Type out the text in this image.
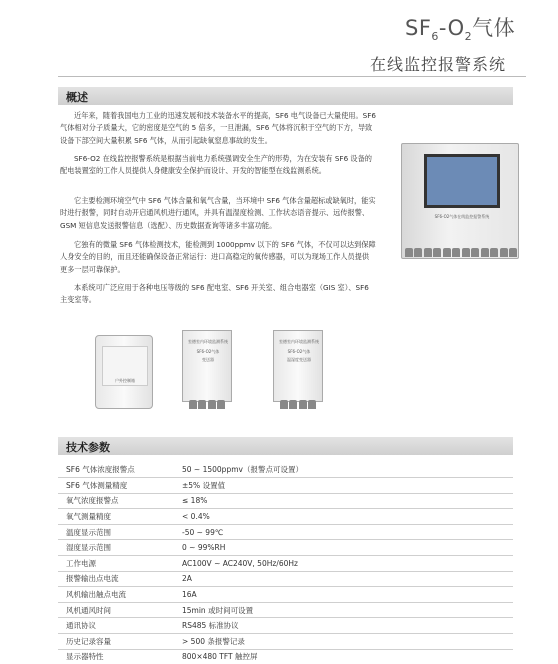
$SF_6-O_2$气体
在线监控报警系统
概述
近年来，随着我国电力工业的迅速发展和技术装备水平的提高，SF6 电气设备已大量使用。SF6 气体相对分子质量大，它的密度是空气的 5 倍多，一旦泄漏，SF6 气体将沉积于空气的下方，导致设备下部空间大量积累 SF6 气体，从而引起缺氧窒息事故的发生。
SF6-O2 在线监控报警系统是根据当前电力系统强调安全生产的形势，为在安装有 SF6 设备的配电装置室的工作人员提供人身健康安全保护而设计、开发的智能型在线监测系统。
它主要检测环境空气中 SF6 气体含量和氧气含量，当环境中 SF6 气体含量超标或缺氧时，能实时进行报警，同时自动开启通风机进行通风，并具有温湿度检测、工作状态语音提示、远传报警、GSM 短信息发送报警信息（选配）、历史数据查询等诸多丰富功能。
它独有的微量 SF6 气体检测技术，能检测到 1000ppmv 以下的 SF6 气体，不仅可以达到保障人身安全的目的，而且还能确保设备正常运行：进口高稳定的氧传感器，可以为现场工作人员提供更多一层可靠保护。
本系统可广泛应用于各种电压等级的 SF6 配电室、SF6 开关室、组合电器室（GIS 室）、SF6 主变室等。
SF6-O2气体在线监控报警系统
户外控制箱
室德室内环境监测系统
SF6-O2气体
变送器
室德室内环境监测系统
SF6-O2气体
温湿度变送器
技术参数
SF6 气体浓度报警点	50 ~ 1500ppmv（报警点可设置）
SF6 气体测量精度	±5% 设置值
氧气浓度报警点	≤ 18%
氧气测量精度	< 0.4%
温度显示范围	-50 ~ 99℃
湿度显示范围	0 ~ 99%RH
工作电源	AC100V ~ AC240V, 50Hz/60Hz
报警输出点电流	2A
风机输出触点电流	16A
风机通风时间	15min 或时间可设置
通讯协议	RS485 标准协议
历史记录容量	> 500 条报警记录
显示器特性	800×480 TFT 触控屏
